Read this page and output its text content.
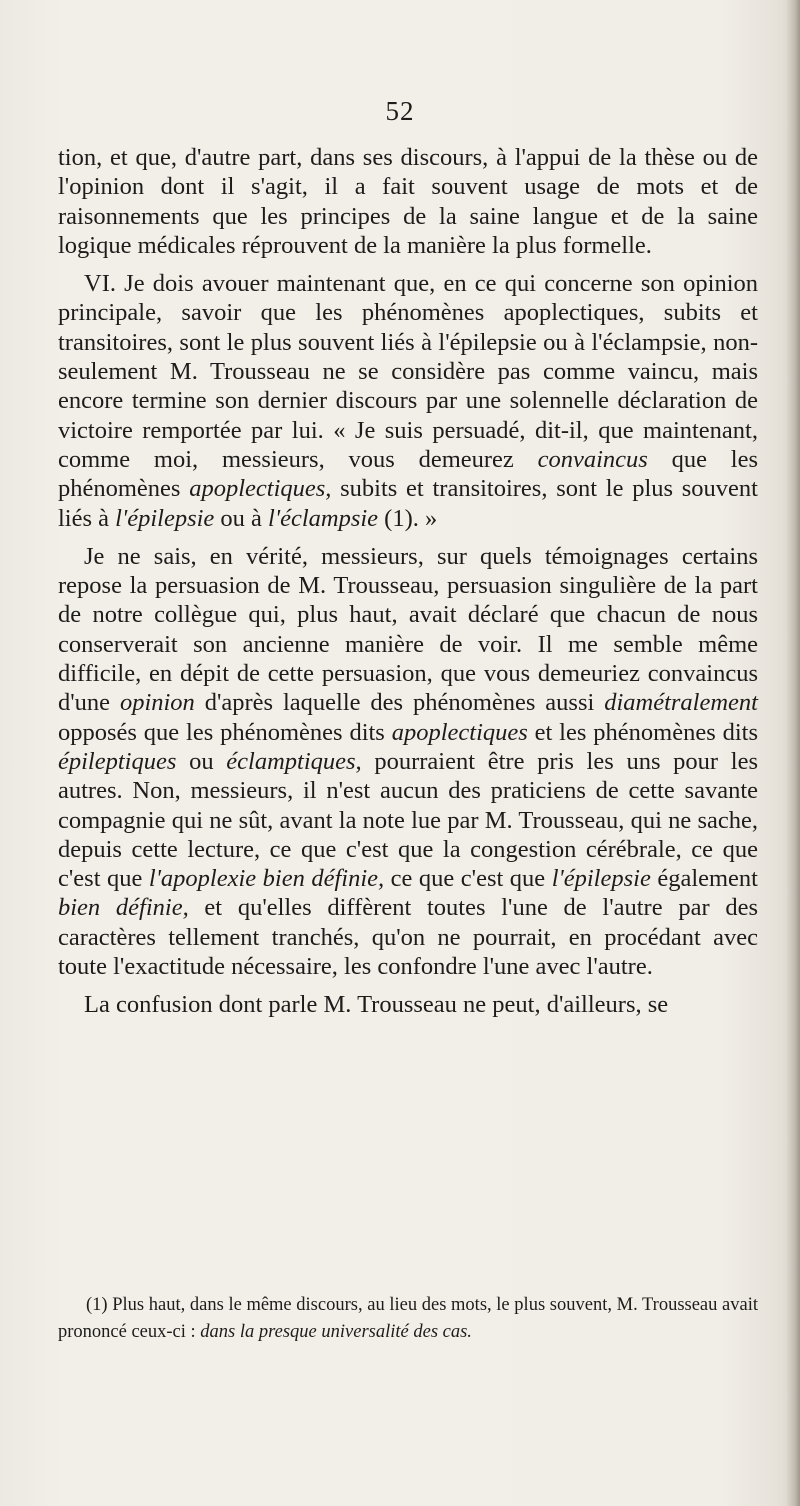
52

tion, et que, d'autre part, dans ses discours, à l'appui de la thèse ou de l'opinion dont il s'agit, il a fait souvent usage de mots et de raisonnements que les principes de la saine langue et de la saine logique médicales réprouvent de la manière la plus formelle.

VI. Je dois avouer maintenant que, en ce qui concerne son opinion principale, savoir que les phénomènes apoplectiques, subits et transitoires, sont le plus souvent liés à l'épilepsie ou à l'éclampsie, non-seulement M. Trousseau ne se considère pas comme vaincu, mais encore termine son dernier discours par une solennelle déclaration de victoire remportée par lui. « Je suis persuadé, dit-il, que maintenant, comme moi, messieurs, vous demeurez convaincus que les phénomènes apoplectiques, subits et transitoires, sont le plus souvent liés à l'épilepsie ou à l'éclampsie (1). »

Je ne sais, en vérité, messieurs, sur quels témoignages certains repose la persuasion de M. Trousseau, persuasion singulière de la part de notre collègue qui, plus haut, avait déclaré que chacun de nous conserverait son ancienne manière de voir. Il me semble même difficile, en dépit de cette persuasion, que vous demeuriez convaincus d'une opinion d'après laquelle des phénomènes aussi diamétralement opposés que les phénomènes dits apoplectiques et les phénomènes dits épileptiques ou éclamptiques, pourraient être pris les uns pour les autres. Non, messieurs, il n'est aucun des praticiens de cette savante compagnie qui ne sût, avant la note lue par M. Trousseau, qui ne sache, depuis cette lecture, ce que c'est que la congestion cérébrale, ce que c'est que l'apoplexie bien définie, ce que c'est que l'épilepsie également bien définie, et qu'elles diffèrent toutes l'une de l'autre par des caractères tellement tranchés, qu'on ne pourrait, en procédant avec toute l'exactitude nécessaire, les confondre l'une avec l'autre.

La confusion dont parle M. Trousseau ne peut, d'ailleurs, se

(1) Plus haut, dans le même discours, au lieu des mots, le plus souvent, M. Trousseau avait prononcé ceux-ci : dans la presque universalité des cas.
